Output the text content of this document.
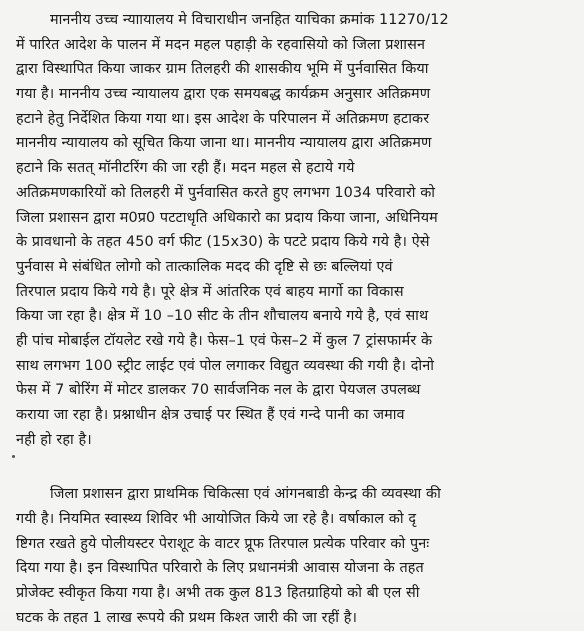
माननीय उच्च न्याायालय मे विचाराधीन जनहित याचिका क्रमांक 11270/12
में पारित आदेश के पालन में मदन महल पहाड़ी के रहवासियो को जिला प्रशासन
द्वारा विस्थापित किया जाकर ग्राम तिलहरी की शासकीय भूमि में पुर्नवासित किया
गया है। माननीय उच्च न्यायालय द्वारा एक समयबद्ध कार्यक्रम अनुसार अतिक्रमण
हटाने हेतु निर्देशित किया गया था। इस आदेश के परिपालन में अतिक्रमण हटाकर
माननीय न्यायालय को सूचित किया जाना था। माननीय न्यायालय द्वारा अतिक्रमण
हटाने कि सतत् मॉनीटरिंग की जा रही हैं। मदन महल से हटाये गये
अतिक्रमणकारियों को तिलहरी में पुर्नवासित करते हुए लगभग 1034 परिवारो को
जिला प्रशासन द्वारा म0प्र0 पटटाधृति अधिकारो का प्रदाय किया जाना, अधिनियम
के प्रावधानो के तहत 450 वर्ग फीट (15x30) के पटटे प्रदाय किये गये है। ऐसे
पुर्नवास मे संबंधित लोगो को तात्कालिक मदद की दृष्टि से छः बल्लियां एवं
तिरपाल प्रदाय किये गये है। पूरे क्षेत्र में आंतरिक एवं बाहय मार्गो का विकास
किया जा रहा है। क्षेत्र में 10 –10 सीट के तीन शौचालय बनाये गये है, एवं साथ
ही पांच मोबाईल टॉयलेट रखे गये है। फेस–1 एवं फेस–2 में कुल 7 ट्रांसफार्मर के
साथ लगभग 100 स्ट्रीट लाईट एवं पोल लगाकर विद्युत व्यवस्था की गयी है। दोनो
फेस में 7 बोरिंग में मोटर डालकर 70 सार्वजनिक नल के द्वारा पेयजल उपलब्ध
कराया जा रहा है। प्रश्नाधीन क्षेत्र उचाई पर स्थित हैं एवं गन्दे पानी का जमाव
नही हो रहा है।
जिला प्रशासन द्वारा प्राथमिक चिकित्सा एवं आंगनबाडी केन्द्र की व्यवस्था की
गयी है। नियमित स्वास्थ्य शिविर भी आयोजित किये जा रहे है। वर्षाकाल को दृ
ष्टिगत रखते हुये पोलीयस्टर पेराशूट के वाटर प्रूफ तिरपाल प्रत्येक परिवार को पुनः
दिया गया है। इन विस्थापित परिवारो के लिए प्रधानमंत्री आवास योजना के तहत
प्रोजेक्ट स्वीकृत किया गया है। अभी तक कुल 813 हितग्राहियो को बी एल सी
घटक के तहत 1 लाख रूपये की प्रथम किश्त जारी की जा रहीं है।
